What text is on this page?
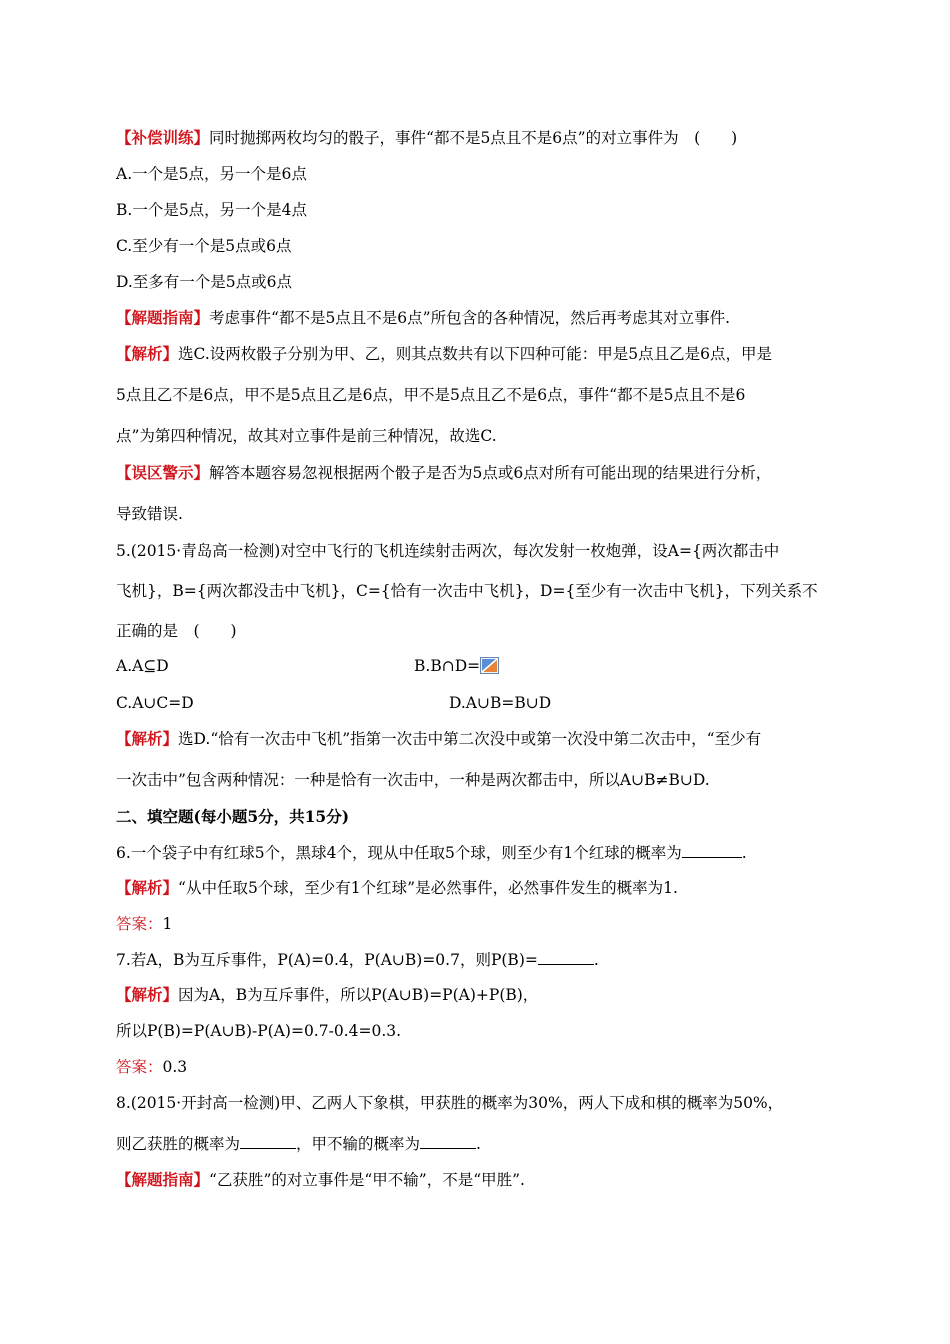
【补偿训练】同时抛掷两枚均匀的骰子，事件“都不是5点且不是6点”的对立事件为　(　　)
A.一个是5点，另一个是6点
B.一个是5点，另一个是4点
C.至少有一个是5点或6点
D.至多有一个是5点或6点
【解题指南】考虑事件“都不是5点且不是6点”所包含的各种情况，然后再考虑其对立事件.
【解析】选C.设两枚骰子分别为甲、乙，则其点数共有以下四种可能：甲是5点且乙是6点，甲是
5点且乙不是6点，甲不是5点且乙是6点，甲不是5点且乙不是6点，事件“都不是5点且不是6
点”为第四种情况，故其对立事件是前三种情况，故选C.
【误区警示】解答本题容易忽视根据两个骰子是否为5点或6点对所有可能出现的结果进行分析，
导致错误.
5.(2015·青岛高一检测)对空中飞行的飞机连续射击两次，每次发射一枚炮弹，设A={两次都击中
飞机}，B={两次都没击中飞机}，C={恰有一次击中飞机}，D={至少有一次击中飞机}，下列关系不
正确的是　(　　)
A.A⊆D	B.B∩D=
C.A∪C=D	D.A∪B=B∪D
【解析】选D.“恰有一次击中飞机”指第一次击中第二次没中或第一次没中第二次击中，“至少有
一次击中”包含两种情况：一种是恰有一次击中，一种是两次都击中，所以A∪B≠B∪D.
二、填空题(每小题5分，共15分)
6.一个袋子中有红球5个，黑球4个，现从中任取5个球，则至少有1个红球的概率为	.
【解析】“从中任取5个球，至少有1个红球”是必然事件，必然事件发生的概率为1.
答案：1
7.若A，B为互斥事件，P(A)=0.4，P(A∪B)=0.7，则P(B)=	.
【解析】因为A，B为互斥事件，所以P(A∪B)=P(A)+P(B)，
所以P(B)=P(A∪B)-P(A)=0.7-0.4=0.3.
答案：0.3
8.(2015·开封高一检测)甲、乙两人下象棋，甲获胜的概率为30%，两人下成和棋的概率为50%，
则乙获胜的概率为	，甲不输的概率为	.
【解题指南】“乙获胜”的对立事件是“甲不输”，不是“甲胜”.
